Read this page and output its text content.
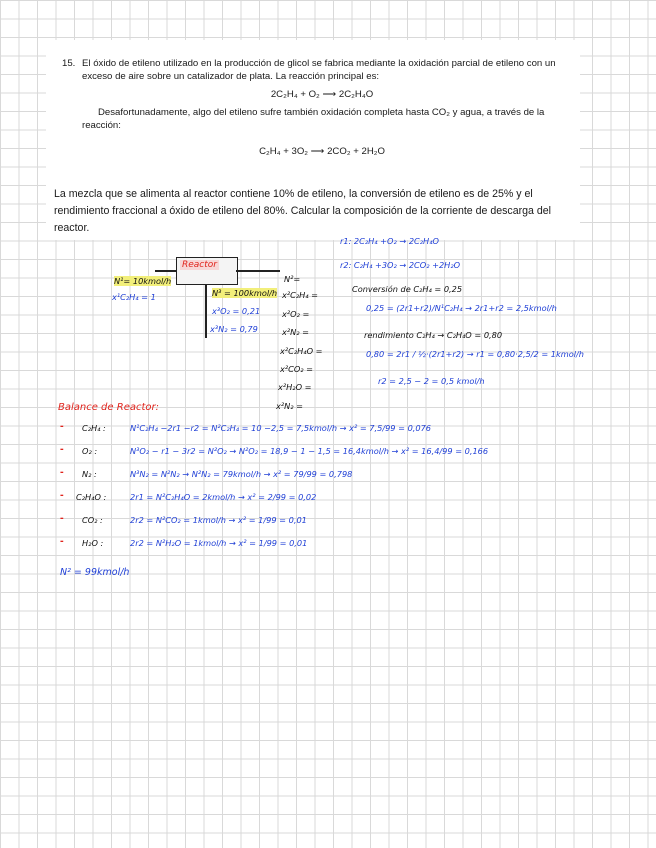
15. El óxido de etileno utilizado en la producción de glicol se fabrica mediante la oxidación parcial de etileno con un exceso de aire sobre un catalizador de plata. La reacción principal es:
2C₂H₄ + O₂ ⟶ 2C₂H₄O
Desafortunadamente, algo del etileno sufre también oxidación completa hasta CO₂ y agua, a través de la reacción:
C₂H₄ + 3O₂ ⟶ 2CO₂ + 2H₂O
La mezcla que se alimenta al reactor contiene 10% de etileno, la conversión de etileno es de 25% y el rendimiento fraccional a óxido de etileno del 80%. Calcular la composición de la corriente de descarga del reactor.
r1: 2C₂H₄ +O₂ → 2C₂H₄O
r2: C₂H₄ +3O₂ → 2CO₂ +2H₂O
Conversión de C₂H₄ = 0,25
0,25 = (2r1+r2)/N¹C₂H₄ → 2r1+r2 = 2,5kmol/h
rendimiento C₂H₄ → C₂H₄O = 0,80
0,80 = 2r1 / ½·(2r1+r2) → r1 = 0,80·2,5/2 = 1kmol/h
r2 = 2,5 − 2 = 0,5 kmol/h
Reactor
N¹= 10kmol/h
x¹C₂H₄ = 1	N³ = 100kmol/h
x³O₂ = 0,21
x³N₂ = 0,79
N²=
x²C₂H₄ =
x²O₂ =
x²N₂ =
x²C₂H₄O =
x²CO₂ =
x²H₂O =
x²N₂ =
Balance de Reactor:
- C₂H₄ :	N¹C₂H₄ −2r1 −r2 = N²C₂H₄ = 10 −2,5 = 7,5kmol/h → x² = 7,5/99 = 0,076
- O₂ :	N³O₂ − r1 − 3r2 = N²O₂ → N²O₂ = 18,9 − 1 − 1,5 = 16,4kmol/h → x² = 16,4/99 = 0,166
- N₂ :	N³N₂ = N²N₂ → N²N₂ = 79kmol/h → x² = 79/99 = 0,798
- C₂H₄O :	2r1 = N²C₂H₄O = 2kmol/h → x² = 2/99 = 0,02
- CO₂ :	2r2 = N²CO₂ = 1kmol/h → x² = 1/99 = 0,01
- H₂O :	2r2 = N²H₂O = 1kmol/h → x² = 1/99 = 0,01
N² = 99kmol/h
